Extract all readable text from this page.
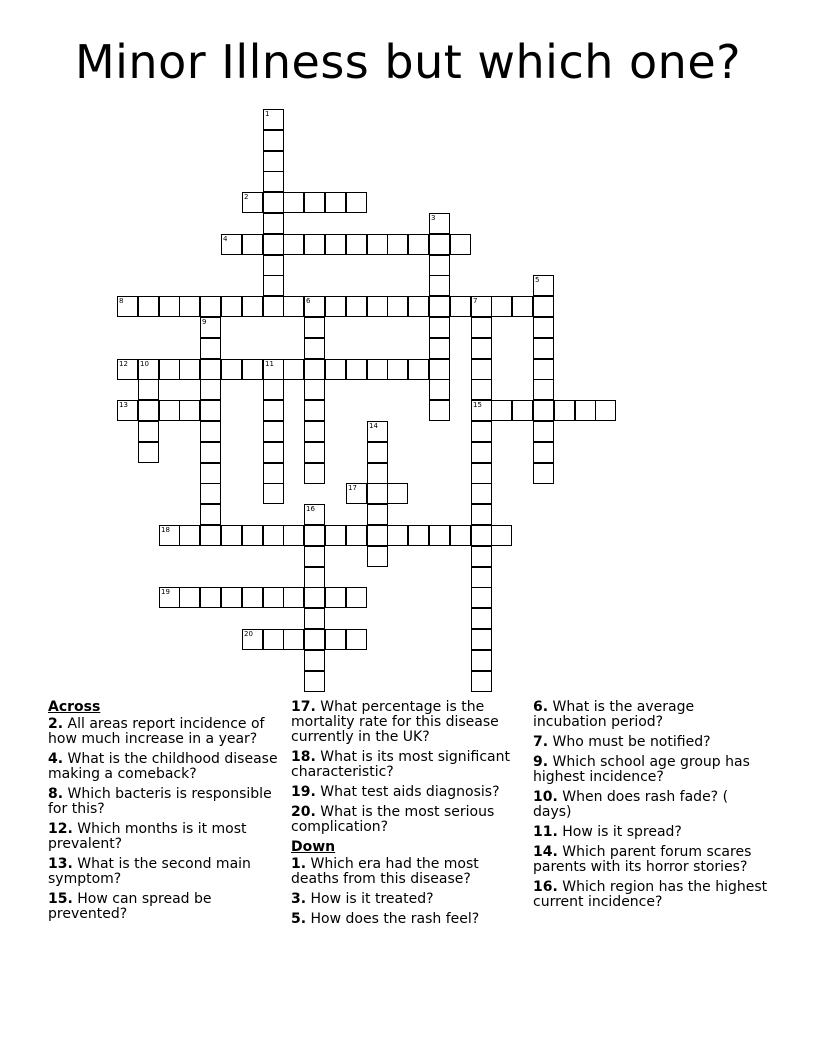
Minor Illness but which one?
2
4
8	6	7
12 10	11
13	15
17
18
19
20
1
3
5
9
14
16
Across
2. All areas report incidence of how much increase in a year?
4. What is the childhood disease making a comeback?
8. Which bacteris is responsible for this?
12. Which months is it most prevalent?
13. What is the second main symptom?
15. How can spread be prevented?
17. What percentage is the mortality rate for this disease currently in the UK?
18. What is its most significant characteristic?
19. What test aids diagnosis?
20. What is the most serious complication?
Down
1. Which era had the most deaths from this disease?
3. How is it treated?
5. How does the rash feel?
6. What is the average incubation period?
7. Who must be notified?
9. Which school age group has highest incidence?
10. When does rash fade? ( days)
11. How is it spread?
14. Which parent forum scares parents with its horror stories?
16. Which region has the highest current incidence?
